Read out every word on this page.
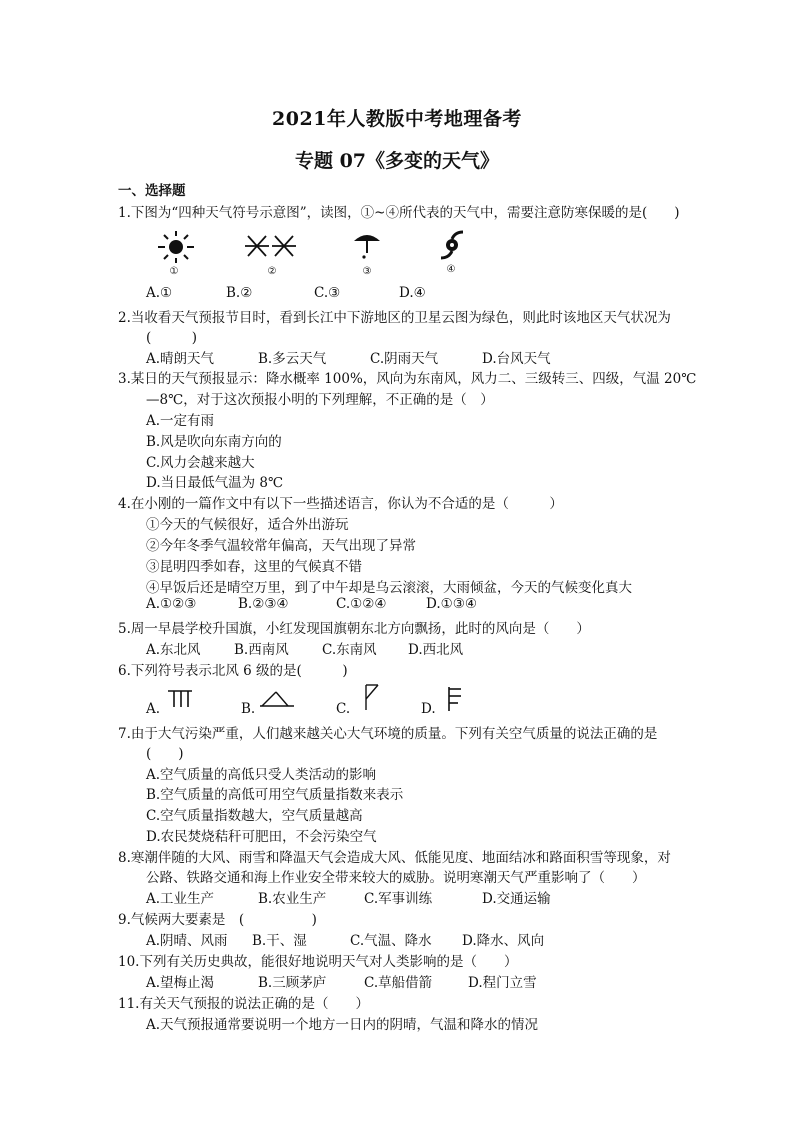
2021年人教版中考地理备考
专题 07《多变的天气》
一、选择题
1.下图为“四种天气符号示意图”，读图，①~④所代表的天气中，需要注意防寒保暖的是(　　)
①	②	③	④
A.①	B.②	C.③	D.④
2.当收看天气预报节目时，看到长江中下游地区的卫星云图为绿色，则此时该地区天气状况为
(　　　)
A.晴朗天气	B.多云天气	C.阴雨天气	D.台风天气
3.某日的天气预报显示：降水概率 100%，风向为东南风，风力二、三级转三、四级，气温 20℃
—8℃，对于这次预报小明的下列理解，不正确的是（　）
A.一定有雨
B.风是吹向东南方向的
C.风力会越来越大
D.当日最低气温为 8℃
4.在小刚的一篇作文中有以下一些描述语言，你认为不合适的是（　　　）
①今天的气候很好，适合外出游玩
②今年冬季气温较常年偏高，天气出现了异常
③昆明四季如春，这里的气候真不错
④早饭后还是晴空万里，到了中午却是乌云滚滚，大雨倾盆，今天的气候变化真大
A.①②③	B.②③④	C.①②④	D.①③④
5.周一早晨学校升国旗，小红发现国旗朝东北方向飘扬，此时的风向是（　　）
A.东北风 B.西南风 C.东南风 D.西北风
6.下列符号表示北风 6 级的是(　　　)
A.	B.	C.	D.
7.由于大气污染严重，人们越来越关心大气环境的质量。下列有关空气质量的说法正确的是
(　　)
A.空气质量的高低只受人类活动的影响
B.空气质量的高低可用空气质量指数来表示
C.空气质量指数越大，空气质量越高
D.农民焚烧秸秆可肥田，不会污染空气
8.寒潮伴随的大风、雨雪和降温天气会造成大风、低能见度、地面结冰和路面积雪等现象，对
公路、铁路交通和海上作业安全带来较大的威胁。说明寒潮天气严重影响了（　　）
A.工业生产	B.农业生产	C.军事训练	D.交通运输
9.气候两大要素是　(　　　　　)
A.阴晴、风雨 B.干、湿	C.气温、降水 D.降水、风向
10.下列有关历史典故，能很好地说明天气对人类影响的是（　　）
A.望梅止渴	B.三顾茅庐	C.草船借箭	D.程门立雪
11.有关天气预报的说法正确的是（　　）
A.天气预报通常要说明一个地方一日内的阴晴，气温和降水的情况
